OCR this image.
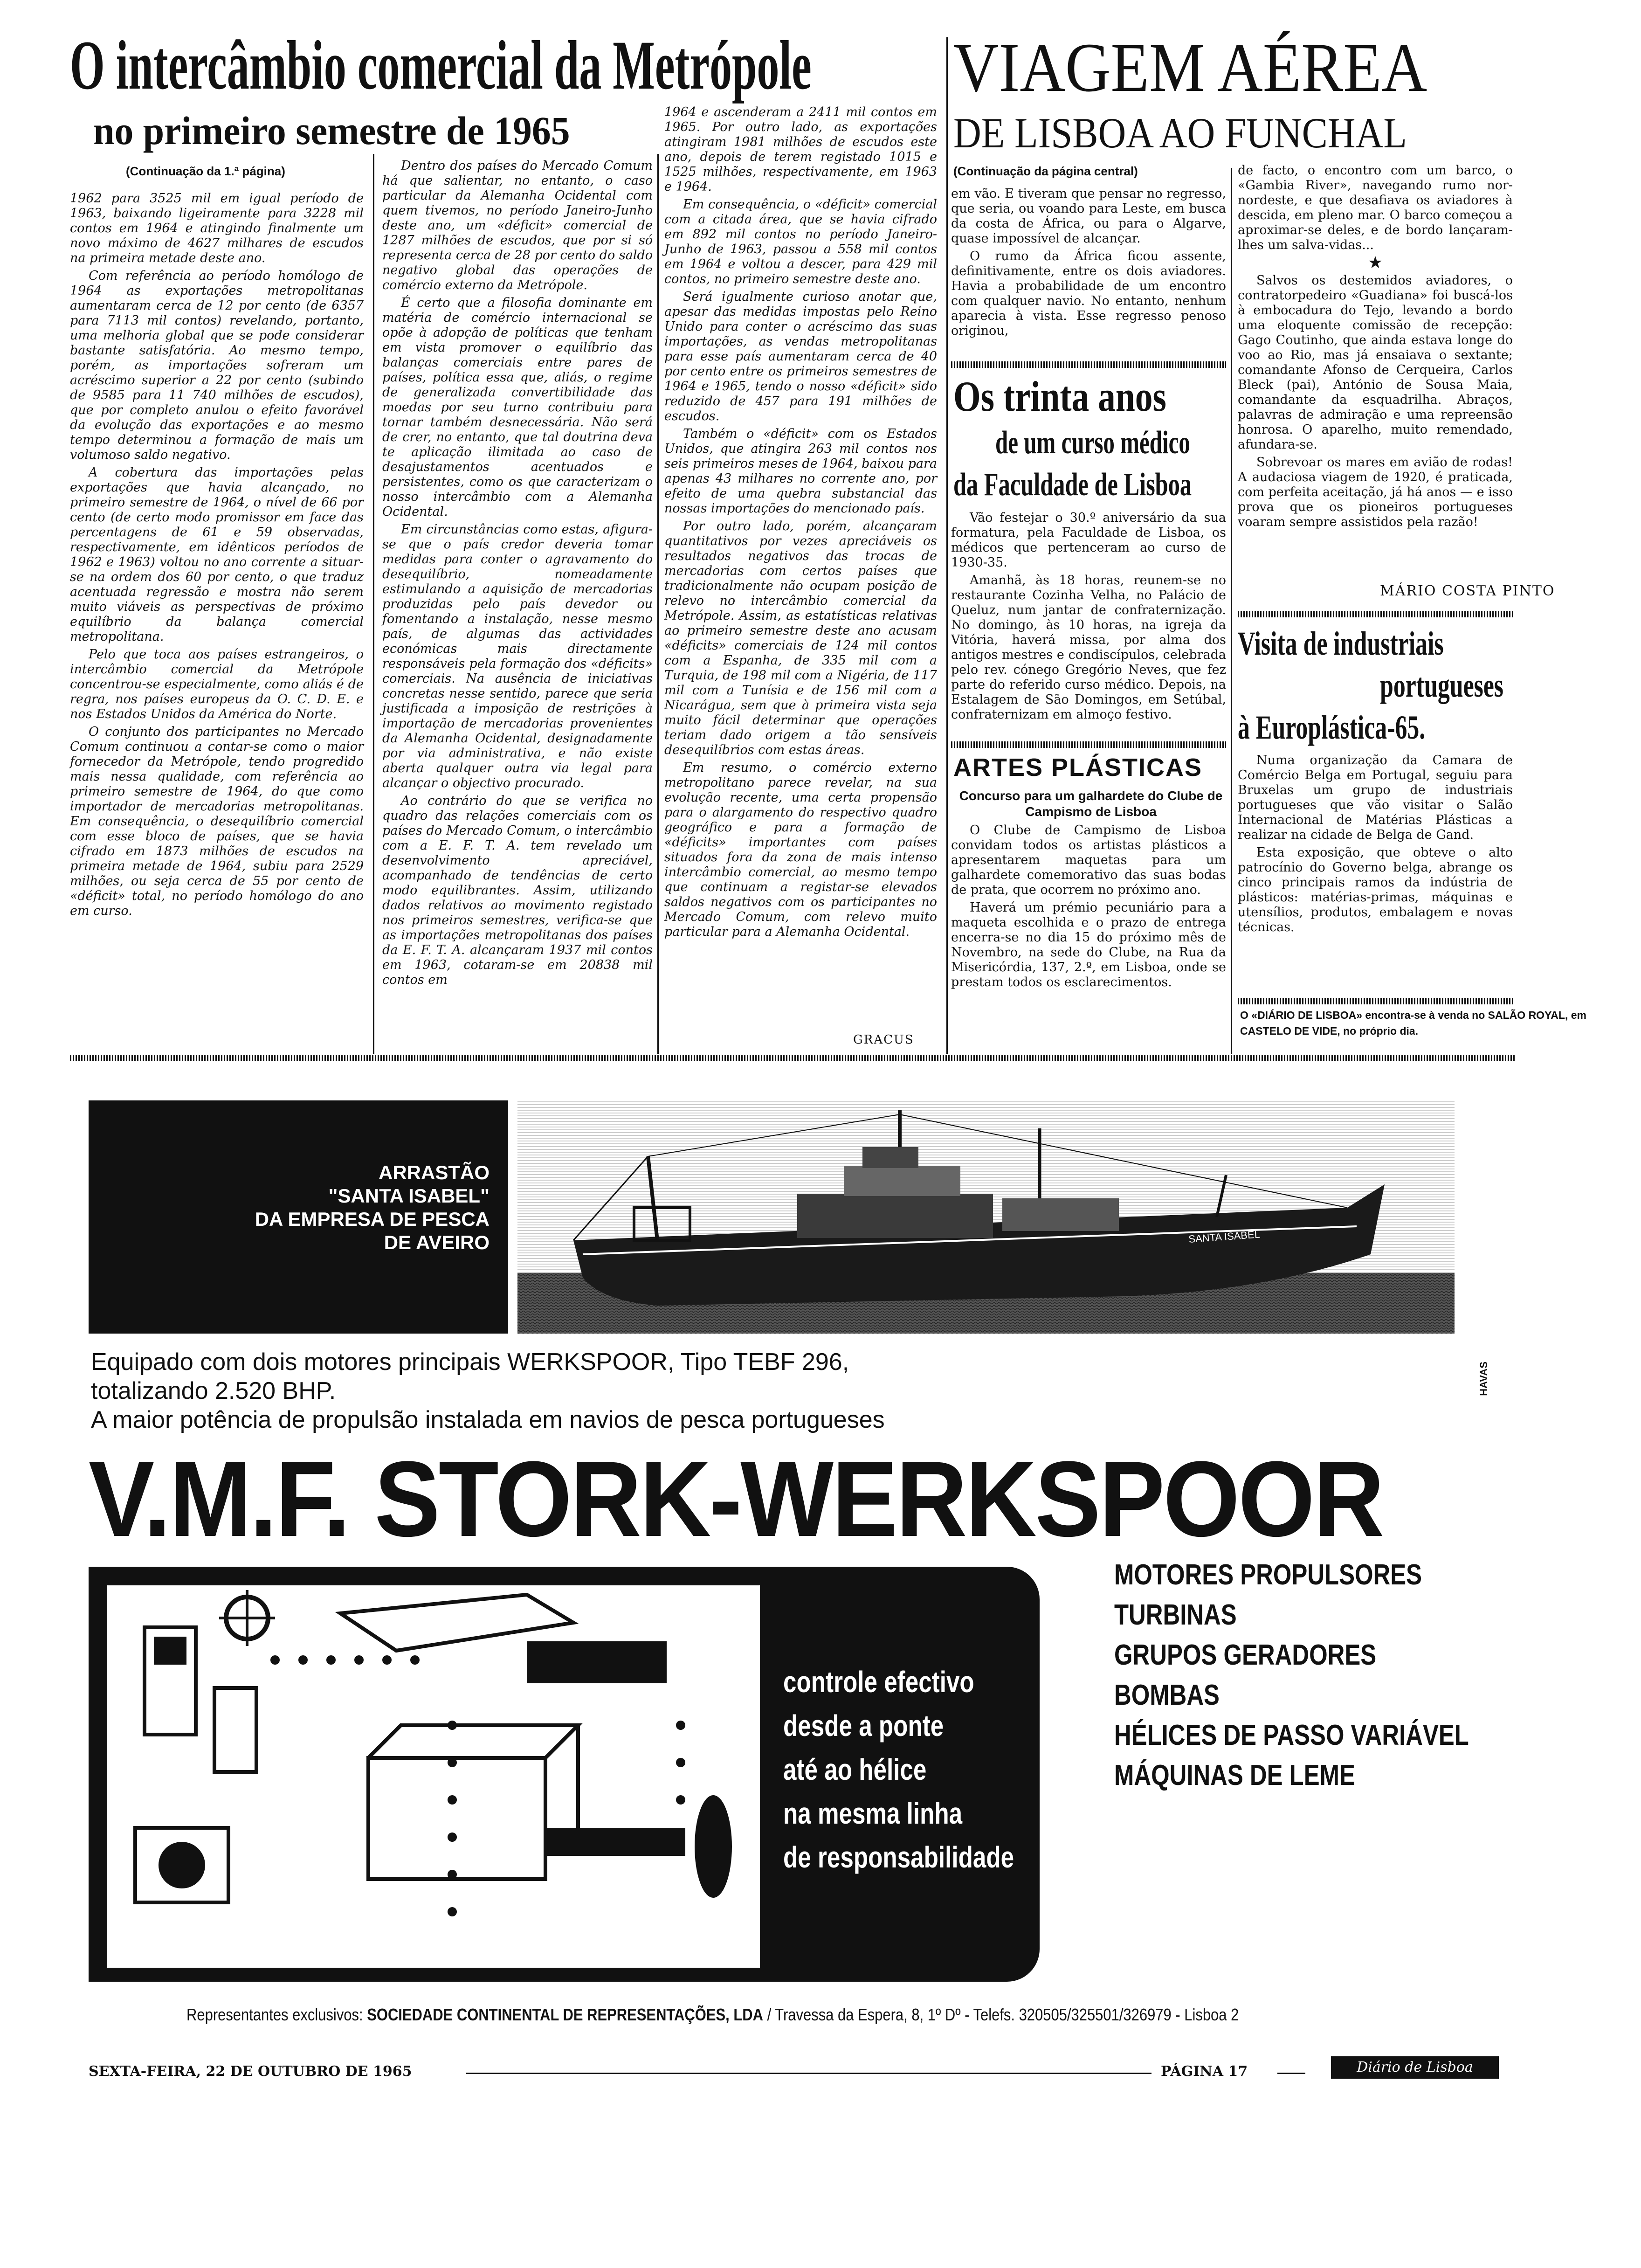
O intercâmbio comercial da Metrópole
no primeiro semestre de 1965
(Continuação da 1.ª página)

1962 para 3525 mil em igual período de 1963, baixando ligeiramente para 3228 mil contos em 1964 e atingindo finalmente um novo máximo de 4627 milhares de escudos na primeira metade deste ano.

Com referência ao período homólogo de 1964 as exportações metropolitanas aumentaram cerca de 12 por cento (de 6357 para 7113 mil contos) revelando, portanto, uma melhoria global que se pode considerar bastante satisfatória. Ao mesmo tempo, porém, as importações sofreram um acréscimo superior a 22 por cento (subindo de 9585 para 11 740 milhões de escudos), que por completo anulou o efeito favorável da evolução das exportações e ao mesmo tempo determinou a formação de mais um volumoso saldo negativo.

A cobertura das importações pelas exportações que havia alcançado, no primeiro semestre de 1964, o nível de 66 por cento (de certo modo promissor em face das percentagens de 61 e 59 observadas, respectivamente, em idênticos períodos de 1962 e 1963) voltou no ano corrente a situar-se na ordem dos 60 por cento, o que traduz acentuada regressão e mostra não serem muito viáveis as perspectivas de próximo equilíbrio da balança comercial metropolitana.

Pelo que toca aos países estrangeiros, o intercâmbio comercial da Metrópole concentrou-se especialmente, como aliás é de regra, nos países europeus da O. C. D. E. e nos Estados Unidos da América do Norte.

O conjunto dos participantes no Mercado Comum continuou a contar-se como o maior fornecedor da Metrópole, tendo progredido mais nessa qualidade, com referência ao primeiro semestre de 1964, do que como importador de mercadorias metropolitanas. Em consequência, o desequilíbrio comercial com esse bloco de países, que se havia cifrado em 1873 milhões de escudos na primeira metade de 1964, subiu para 2529 milhões, ou seja cerca de 55 por cento de «déficit» total, no período homólogo do ano em curso.

Dentro dos países do Mercado Comum há que salientar, no entanto, o caso particular da Alemanha Ocidental com quem tivemos, no período Janeiro-Junho deste ano, um «déficit» comercial de 1287 milhões de escudos, que por si só representa cerca de 28 por cento do saldo negativo global das operações de comércio externo da Metrópole.

É certo que a filosofia dominante em matéria de comércio internacional se opõe à adopção de políticas que tenham em vista promover o equilíbrio das balanças comerciais entre pares de países, política essa que, aliás, o regime de generalizada convertibilidade das moedas por seu turno contribuiu para tornar também desnecessária. Não será de crer, no entanto, que tal doutrina deva te aplicação ilimitada ao caso de desajustamentos acentuados e persistentes, como os que caracterizam o nosso intercâmbio com a Alemanha Ocidental.

Em circunstâncias como estas, afigura-se que o país credor deveria tomar medidas para conter o agravamento do desequilíbrio, nomeadamente estimulando a aquisição de mercadorias produzidas pelo país devedor ou fomentando a instalação, nesse mesmo país, de algumas das actividades económicas mais directamente responsáveis pela formação dos «déficits» comerciais. Na ausência de iniciativas concretas nesse sentido, parece que seria justificada a imposição de restrições à importação de mercadorias provenientes da Alemanha Ocidental, designadamente por via administrativa, e não existe aberta qualquer outra via legal para alcançar o objectivo procurado.

Ao contrário do que se verifica no quadro das relações comerciais com os países do Mercado Comum, o intercâmbio com a E. F. T. A. tem revelado um desenvolvimento apreciável, acompanhado de tendências de certo modo equilibrantes. Assim, utilizando dados relativos ao movimento registado nos primeiros semestres, verifica-se que as importações metropolitanas dos países da E. F. T. A. alcançaram 1937 mil contos em 1963, cotaram-se em 20838 mil contos em

1964 e ascenderam a 2411 mil contos em 1965. Por outro lado, as exportações atingiram 1981 milhões de escudos este ano, depois de terem registado 1015 e 1525 milhões, respectivamente, em 1963 e 1964.

Em consequência, o «déficit» comercial com a citada área, que se havia cifrado em 892 mil contos no período Janeiro-Junho de 1963, passou a 558 mil contos em 1964 e voltou a descer, para 429 mil contos, no primeiro semestre deste ano.

Será igualmente curioso anotar que, apesar das medidas impostas pelo Reino Unido para conter o acréscimo das suas importações, as vendas metropolitanas para esse país aumentaram cerca de 40 por cento entre os primeiros semestres de 1964 e 1965, tendo o nosso «déficit» sido reduzido de 457 para 191 milhões de escudos.

Também o «déficit» com os Estados Unidos, que atingira 263 mil contos nos seis primeiros meses de 1964, baixou para apenas 43 milhares no corrente ano, por efeito de uma quebra substancial das nossas importações do mencionado país.

Por outro lado, porém, alcançaram quantitativos por vezes apreciáveis os resultados negativos das trocas de mercadorias com certos países que tradicionalmente não ocupam posição de relevo no intercâmbio comercial da Metrópole. Assim, as estatísticas relativas ao primeiro semestre deste ano acusam «déficits» comerciais de 124 mil contos com a Espanha, de 335 mil com a Turquia, de 198 mil com a Nigéria, de 117 mil com a Tunísia e de 156 mil com a Nicarágua, sem que à primeira vista seja muito fácil determinar que operações teriam dado origem a tão sensíveis desequilíbrios com estas áreas.

Em resumo, o comércio externo metropolitano parece revelar, na sua evolução recente, uma certa propensão para o alargamento do respectivo quadro geográfico e para a formação de «déficits» importantes com países situados fora da zona de mais intenso intercâmbio comercial, ao mesmo tempo que continuam a registar-se elevados saldos negativos com os participantes no Mercado Comum, com relevo muito particular para a Alemanha Ocidental.

GRACUS
VIAGEM AÉREA
DE LISBOA AO FUNCHAL
(Continuação da página central)

em vão. E tiveram que pensar no regresso, que seria, ou voando para Leste, em busca da costa de África, ou para o Algarve, quase impossível de alcançar.

O rumo da África ficou assente, definitivamente, entre os dois aviadores. Havia a probabilidade de um encontro com qualquer navio. No entanto, nenhum aparecia à vista. Esse regresso penoso originou,

Os trinta anos
de um curso médico
da Faculdade de Lisboa

Vão festejar o 30.º aniversário da sua formatura, pela Faculdade de Lisboa, os médicos que pertenceram ao curso de 1930-35.

Amanhã, às 18 horas, reunem-se no restaurante Cozinha Velha, no Palácio de Queluz, num jantar de confraternização. No domingo, às 10 horas, na igreja da Vitória, haverá missa, por alma dos antigos mestres e condiscípulos, celebrada pelo rev. cónego Gregório Neves, que fez parte do referido curso médico. Depois, na Estalagem de São Domingos, em Setúbal, confraternizam em almoço festivo.

ARTES PLÁSTICAS
Concurso para um galhardete do Clube de Campismo de Lisboa

O Clube de Campismo de Lisboa convidam todos os artistas plásticos a apresentarem maquetas para um galhardete comemorativo das suas bodas de prata, que ocorrem no próximo ano.

Haverá um prémio pecuniário para a maqueta escolhida e o prazo de entrega encerra-se no dia 15 do próximo mês de Novembro, na sede do Clube, na Rua da Misericórdia, 137, 2.º, em Lisboa, onde se prestam todos os esclarecimentos.

de facto, o encontro com um barco, o «Gambia River», navegando rumo nor-nordeste, e que desafiava os aviadores à descida, em pleno mar. O barco começou a aproximar-se deles, e de bordo lançaram-lhes um salva-vidas...

★

Salvos os destemidos aviadores, o contratorpedeiro «Guadiana» foi buscá-los à embocadura do Tejo, levando a bordo uma eloquente comissão de recepção: Gago Coutinho, que ainda estava longe do voo ao Rio, mas já ensaiava o sextante; comandante Afonso de Cerqueira, Carlos Bleck (pai), António de Sousa Maia, comandante da esquadrilha. Abraços, palavras de admiração e uma repreensão honrosa. O aparelho, muito remendado, afundara-se.

Sobrevoar os mares em avião de rodas! A audaciosa viagem de 1920, é praticada, com perfeita aceitação, já há anos — e isso prova que os pioneiros portugueses voaram sempre assistidos pela razão!

MÁRIO COSTA PINTO
Visita de industriais
portugueses
à Europlástica-65.

Numa organização da Camara de Comércio Belga em Portugal, seguiu para Bruxelas um grupo de industriais portugueses que vão visitar o Salão Internacional de Matérias Plásticas a realizar na cidade de Belga de Gand.

Esta exposição, que obteve o alto patrocínio do Governo belga, abrange os cinco principais ramos da indústria de plásticos: matérias-primas, máquinas e utensílios, produtos, embalagem e novas técnicas.

O «DIÁRIO DE LISBOA» encontra-se à venda no SALÃO ROYAL, em
CASTELO DE VIDE, no próprio dia.
ARRASTÃO
"SANTA ISABEL"
DA EMPRESA DE PESCA
DE AVEIRO	SANTA ISABEL
Equipado com dois motores principais WERKSPOOR, Tipo TEBF 296,
totalizando 2.520 BHP.
A maior potência de propulsão instalada em navios de pesca portugueses
HAVAS
V.M.F. STORK-WERKSPOOR
controle efectivo
desde a ponte
até ao hélice
na mesma linha
de responsabilidade
MOTORES PROPULSORES
TURBINAS
GRUPOS GERADORES
BOMBAS
HÉLICES DE PASSO VARIÁVEL
MÁQUINAS DE LEME
Representantes exclusivos: SOCIEDADE CONTINENTAL DE REPRESENTAÇÕES, LDA / Travessa da Espera, 8, 1º Dº - Telefs. 320505/325501/326979 - Lisboa 2
SEXTA-FEIRA, 22 DE OUTUBRO DE 1965	PÁGINA 17	Diário de Lisboa
